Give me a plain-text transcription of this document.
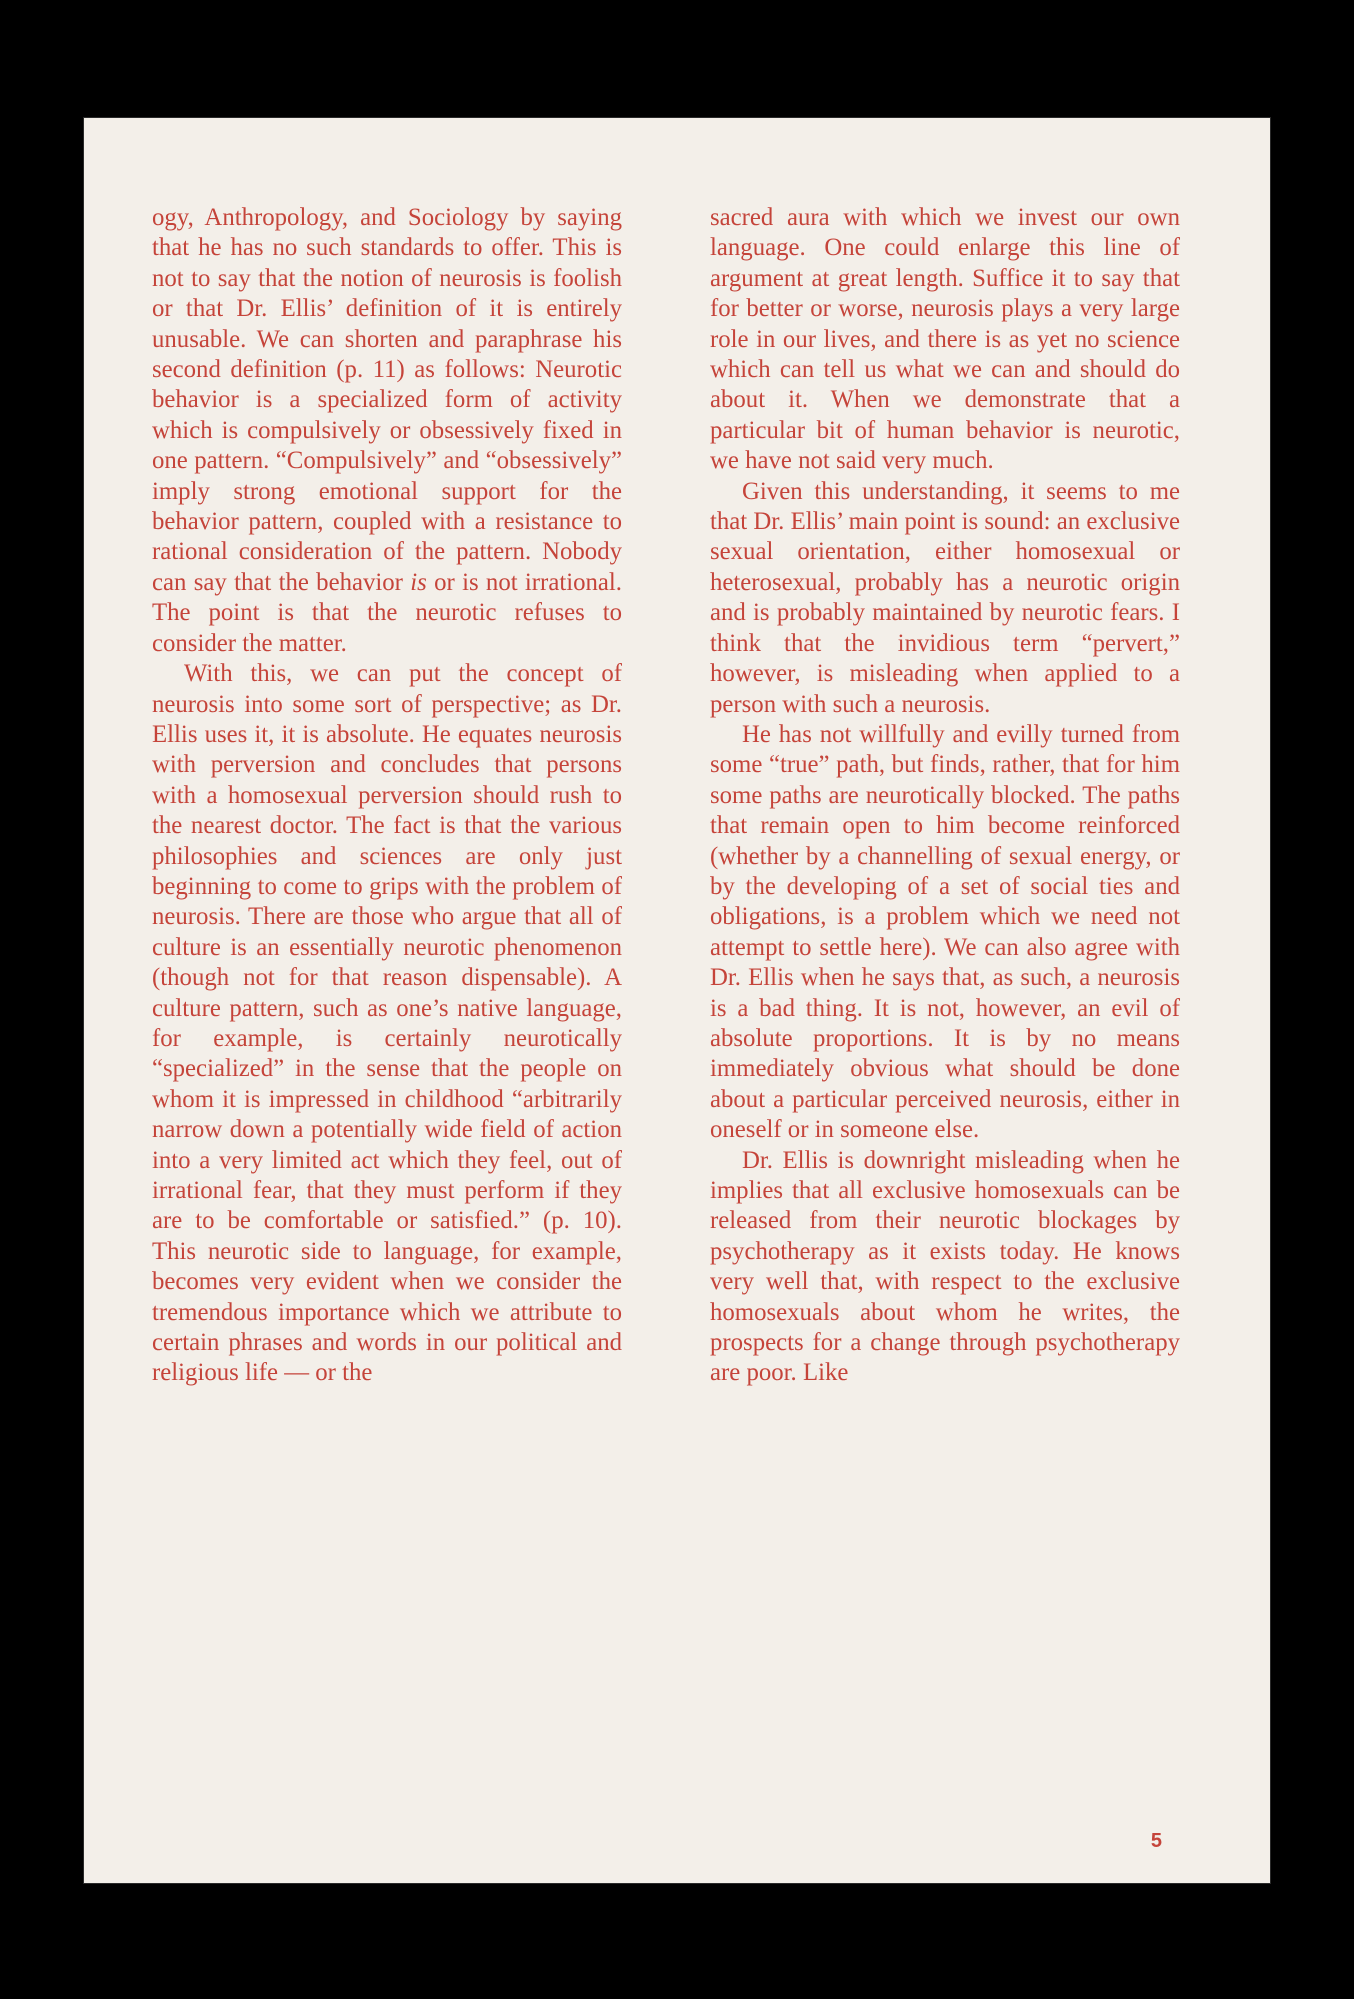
ogy, Anthropology, and Sociology by saying that he has no such standards to offer. This is not to say that the notion of neurosis is foolish or that Dr. Ellis’ definition of it is entirely unusable. We can shorten and paraphrase his second definition (p. 11) as follows: Neurotic behavior is a specialized form of activity which is compulsively or obsessively fixed in one pattern. “Compulsively” and “obsessively” imply strong emotional support for the behavior pattern, coupled with a resistance to rational consideration of the pattern. Nobody can say that the behavior is or is not irrational. The point is that the neurotic refuses to consider the matter.

With this, we can put the concept of neurosis into some sort of perspective; as Dr. Ellis uses it, it is absolute. He equates neurosis with perversion and concludes that persons with a homosexual perversion should rush to the nearest doctor. The fact is that the various philosophies and sciences are only just beginning to come to grips with the problem of neurosis. There are those who argue that all of culture is an essentially neurotic phenomenon (though not for that reason dispensable). A culture pattern, such as one’s native language, for example, is certainly neurotically “specialized” in the sense that the people on whom it is impressed in childhood “arbitrarily narrow down a potentially wide field of action into a very limited act which they feel, out of irrational fear, that they must perform if they are to be comfortable or satisfied.” (p. 10). This neurotic side to language, for example, becomes very evident when we consider the tremendous importance which we attribute to certain phrases and words in our political and religious life — or the

sacred aura with which we invest our own language. One could enlarge this line of argument at great length. Suffice it to say that for better or worse, neurosis plays a very large role in our lives, and there is as yet no science which can tell us what we can and should do about it. When we demonstrate that a particular bit of human behavior is neurotic, we have not said very much.

Given this understanding, it seems to me that Dr. Ellis’ main point is sound: an exclusive sexual orientation, either homosexual or heterosexual, probably has a neurotic origin and is probably maintained by neurotic fears. I think that the invidious term “pervert,” however, is misleading when applied to a person with such a neurosis.

He has not willfully and evilly turned from some “true” path, but finds, rather, that for him some paths are neurotically blocked. The paths that remain open to him become reinforced (whether by a channelling of sexual energy, or by the developing of a set of social ties and obligations, is a problem which we need not attempt to settle here). We can also agree with Dr. Ellis when he says that, as such, a neurosis is a bad thing. It is not, however, an evil of absolute proportions. It is by no means immediately obvious what should be done about a particular perceived neurosis, either in oneself or in someone else.

Dr. Ellis is downright misleading when he implies that all exclusive homosexuals can be released from their neurotic blockages by psychotherapy as it exists today. He knows very well that, with respect to the exclusive homosexuals about whom he writes, the prospects for a change through psychotherapy are poor. Like

5
